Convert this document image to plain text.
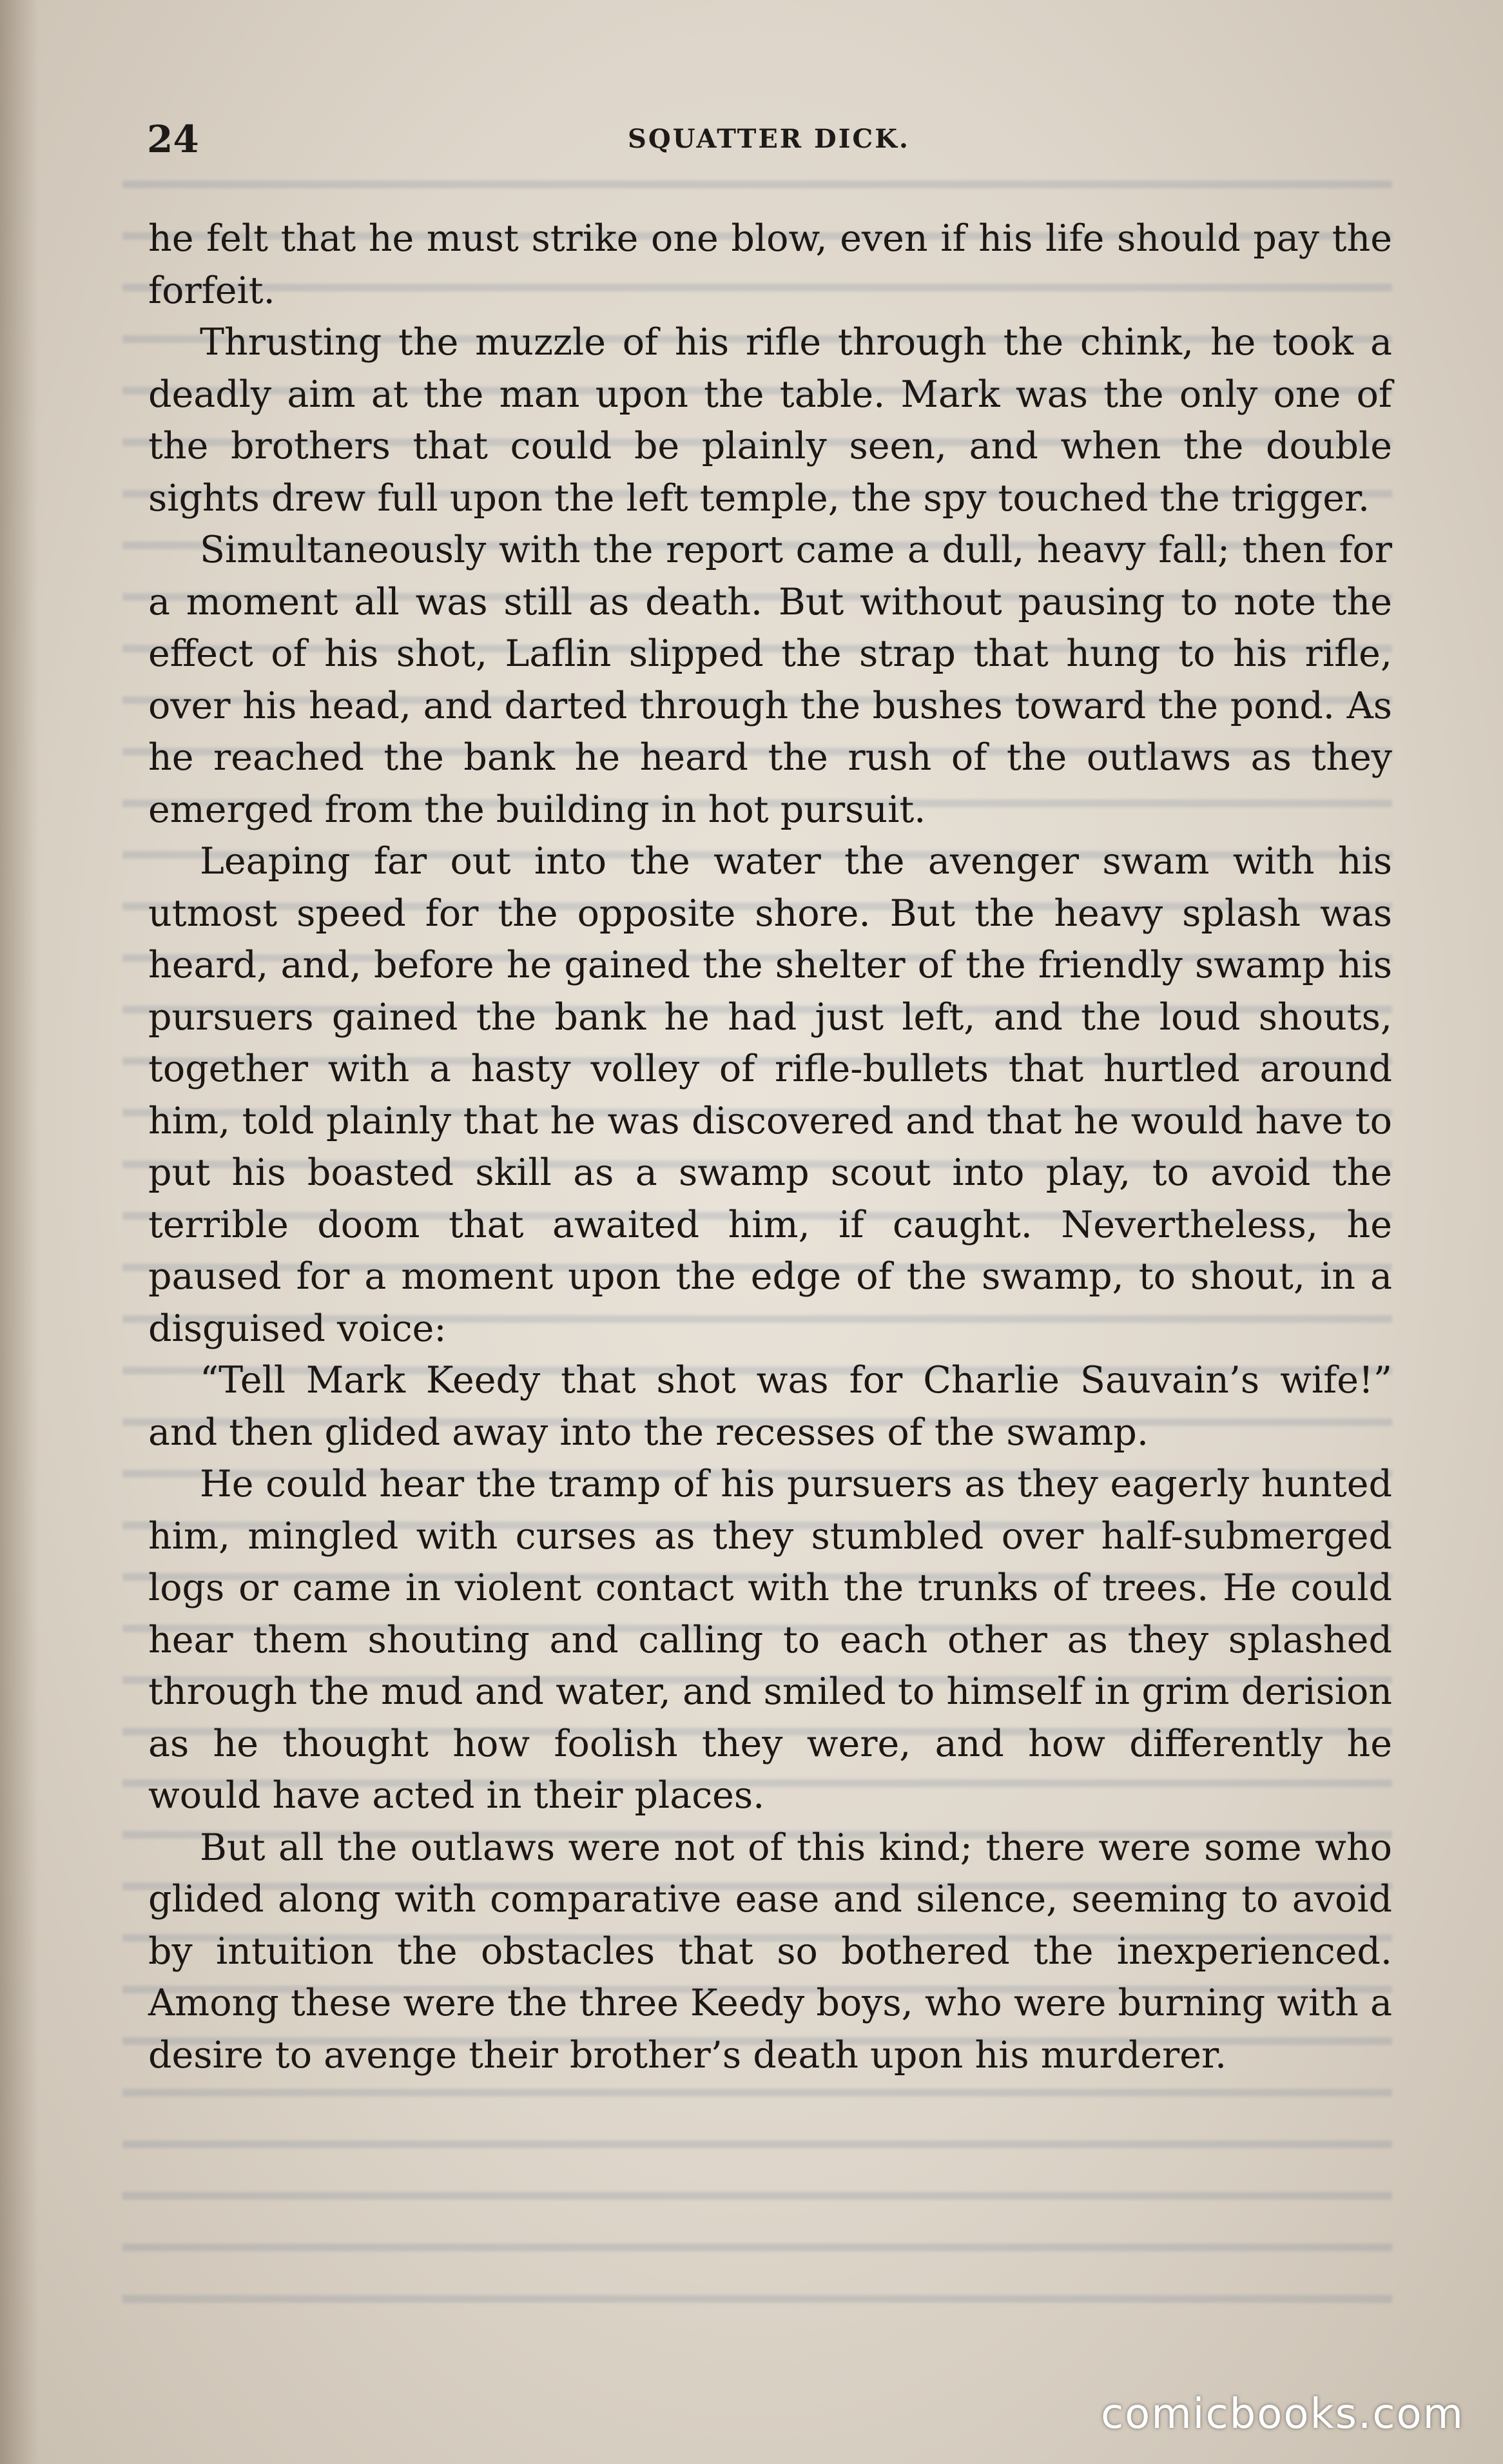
24	SQUATTER DICK.

he felt that he must strike one blow, even if his life should pay the forfeit.

Thrusting the muzzle of his rifle through the chink, he took a deadly aim at the man upon the table. Mark was the only one of the brothers that could be plainly seen, and when the double sights drew full upon the left temple, the spy touched the trigger.

Simultaneously with the report came a dull, heavy fall; then for a moment all was still as death. But without pausing to note the effect of his shot, Laflin slipped the strap that hung to his rifle, over his head, and darted through the bushes toward the pond. As he reached the bank he heard the rush of the outlaws as they emerged from the building in hot pursuit.

Leaping far out into the water the avenger swam with his utmost speed for the opposite shore. But the heavy splash was heard, and, before he gained the shelter of the friendly swamp his pursuers gained the bank he had just left, and the loud shouts, together with a hasty volley of rifle-bullets that hurtled around him, told plainly that he was discovered and that he would have to put his boasted skill as a swamp scout into play, to avoid the terrible doom that awaited him, if caught. Nevertheless, he paused for a moment upon the edge of the swamp, to shout, in a disguised voice:

“Tell Mark Keedy that shot was for Charlie Sauvain’s wife!” and then glided away into the recesses of the swamp.

He could hear the tramp of his pursuers as they eagerly hunted him, mingled with curses as they stumbled over half-submerged logs or came in violent contact with the trunks of trees. He could hear them shouting and calling to each other as they splashed through the mud and water, and smiled to himself in grim derision as he thought how foolish they were, and how differently he would have acted in their places.

But all the outlaws were not of this kind; there were some who glided along with comparative ease and silence, seeming to avoid by intuition the obstacles that so bothered the inexperienced. Among these were the three Keedy boys, who were burning with a desire to avenge their brother’s death upon his murderer.

comicbooks.com
